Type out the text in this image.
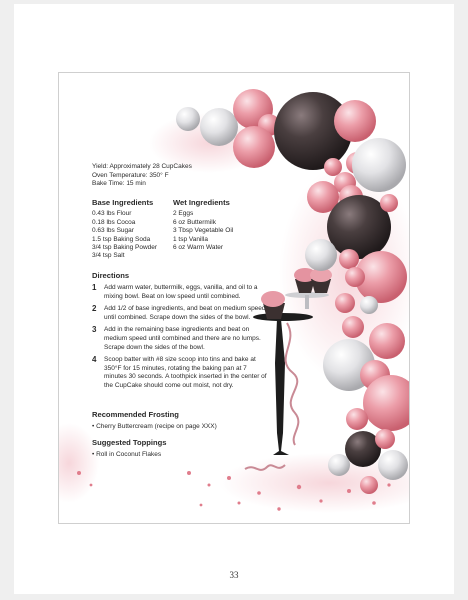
Yield: Approximately 28 CupCakes
Oven Temperature: 350° F
Bake Time: 15 min
Base Ingredients
0.43 lbs Flour
0.18 lbs Cocoa
0.63 lbs Sugar
1.5 tsp Baking Soda
3/4 tsp Baking Powder
3/4 tsp Salt
Wet Ingredients
2 Eggs
6 oz Buttermilk
3 Tbsp Vegetable Oil
1 tsp Vanilla
6 oz Warm Water
Directions
1 Add warm water, buttermilk, eggs, vanilla, and oil to a mixing bowl. Beat on low speed until combined.
2 Add 1/2 of base ingredients, and beat on medium speed until combined. Scrape down the sides of the bowl.
3 Add in the remaining base ingredients and beat on medium speed until combined and there are no lumps. Scrape down the sides of the bowl.
4 Scoop batter with #8 size scoop into tins and bake at 350°F for 15 minutes, rotating the baking pan at 7 minutes 30 seconds. A toothpick inserted in the center of the CupCake should come out moist, not dry.
Recommended Frosting
• Cherry Buttercream (recipe on page XXX)
Suggested Toppings
• Roll in Coconut Flakes
33
